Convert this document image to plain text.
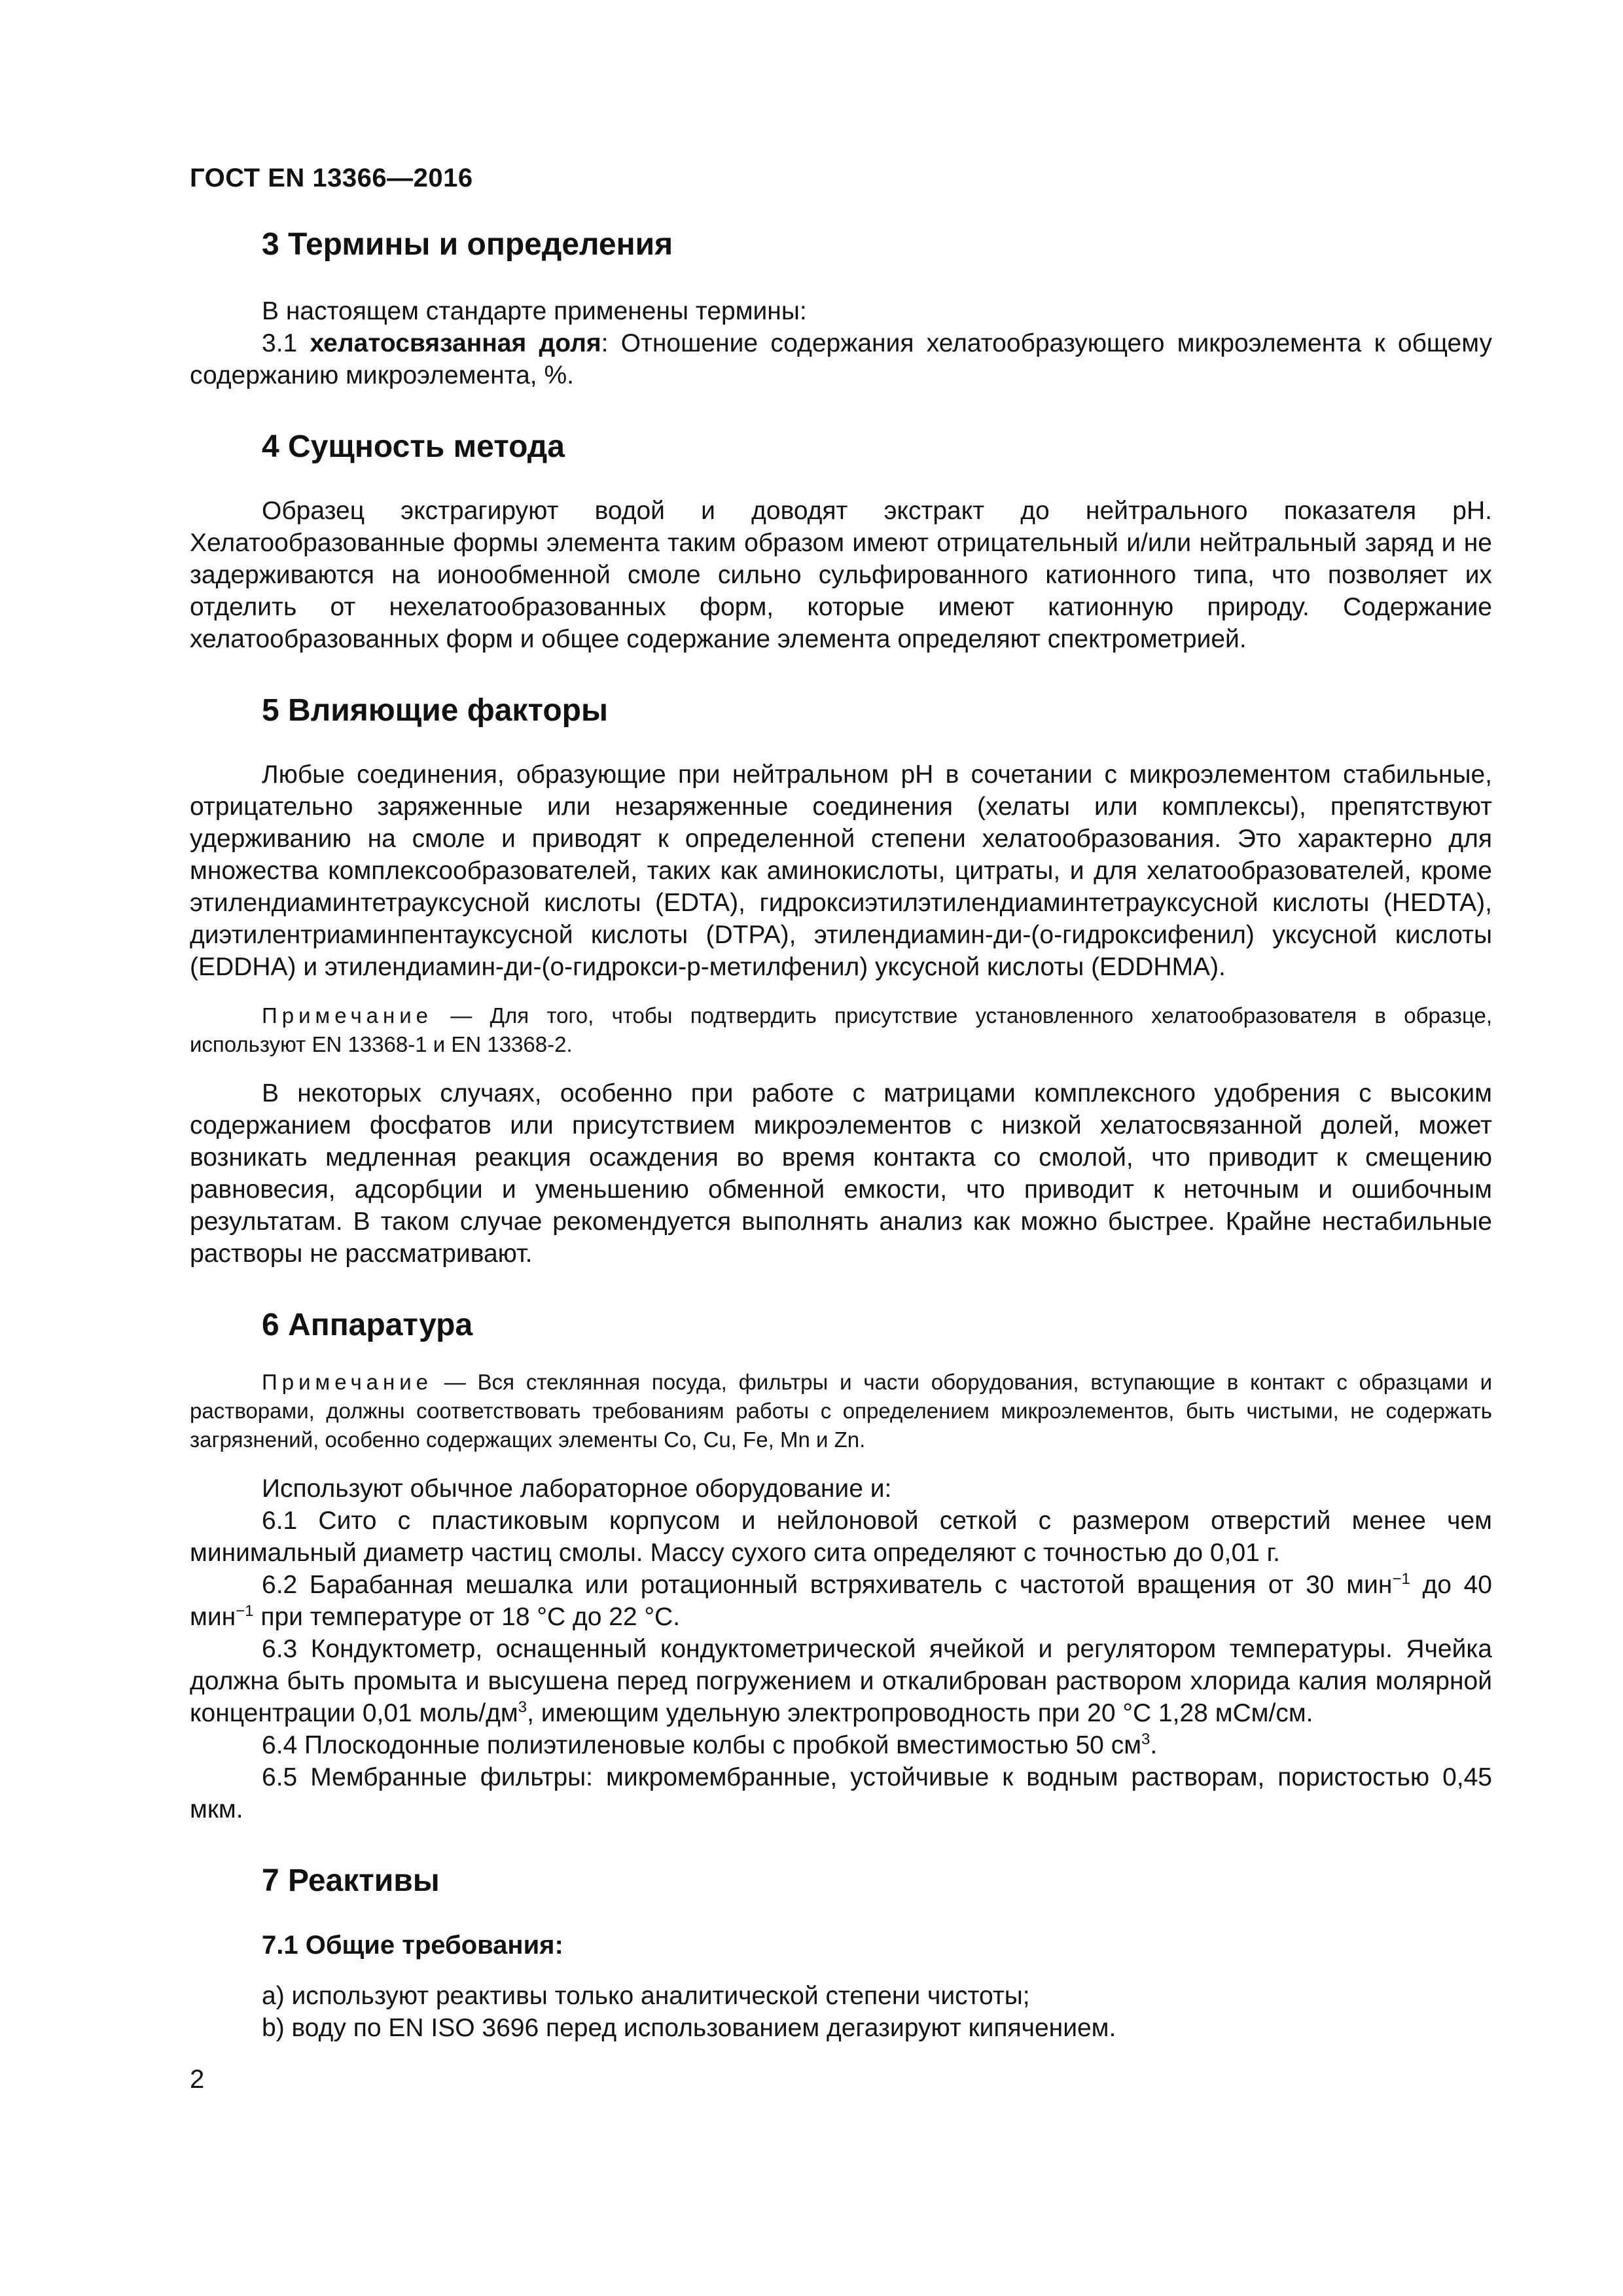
ГОСТ EN 13366—2016
3 Термины и определения

В настоящем стандарте применены термины:

3.1 хелатосвязанная доля: Отношение содержания хелатообразующего микроэлемента к общему содержанию микроэлемента, %.

4 Сущность метода

Образец экстрагируют водой и доводят экстракт до нейтрального показателя pH. Хелатообразованные формы элемента таким образом имеют отрицательный и/или нейтральный заряд и не задерживаются на ионообменной смоле сильно сульфированного катионного типа, что позволяет их отделить от нехелатообразованных форм, которые имеют катионную природу. Содержание хелатообразованных форм и общее содержание элемента определяют спектрометрией.

5 Влияющие факторы

Любые соединения, образующие при нейтральном pH в сочетании с микроэлементом стабильные, отрицательно заряженные или незаряженные соединения (хелаты или комплексы), препятствуют удерживанию на смоле и приводят к определенной степени хелатообразования. Это характерно для множества комплексообразователей, таких как аминокислоты, цитраты, и для хелатообразователей, кроме этилендиаминтетрауксусной кислоты (EDTA), гидроксиэтилэтилендиаминтетрауксусной кислоты (HEDTA), диэтилентриаминпентауксусной кислоты (DTPA), этилендиамин-ди-(о-гидроксифенил) уксусной кислоты (EDDHA) и этилендиамин-ди-(о-гидрокси-р-метилфенил) уксусной кислоты (EDDHMA).

Примечание — Для того, чтобы подтвердить присутствие установленного хелатообразователя в образце, используют EN 13368-1 и EN 13368-2.

В некоторых случаях, особенно при работе с матрицами комплексного удобрения с высоким содержанием фосфатов или присутствием микроэлементов с низкой хелатосвязанной долей, может возникать медленная реакция осаждения во время контакта со смолой, что приводит к смещению равновесия, адсорбции и уменьшению обменной емкости, что приводит к неточным и ошибочным результатам. В таком случае рекомендуется выполнять анализ как можно быстрее. Крайне нестабильные растворы не рассматривают.

6 Аппаратура

Примечание — Вся стеклянная посуда, фильтры и части оборудования, вступающие в контакт с образцами и растворами, должны соответствовать требованиям работы с определением микроэлементов, быть чистыми, не содержать загрязнений, особенно содержащих элементы Co, Cu, Fe, Mn и Zn.

Используют обычное лабораторное оборудование и:

6.1 Сито с пластиковым корпусом и нейлоновой сеткой с размером отверстий менее чем минимальный диаметр частиц смолы. Массу сухого сита определяют с точностью до 0,01 г.

6.2 Барабанная мешалка или ротационный встряхиватель с частотой вращения от 30 мин$^{-1}$ до 40 мин$^{-1}$ при температуре от 18 °C до 22 °C.

6.3 Кондуктометр, оснащенный кондуктометрической ячейкой и регулятором температуры. Ячейка должна быть промыта и высушена перед погружением и откалиброван раствором хлорида калия молярной концентрации 0,01 моль/$дм^3$, имеющим удельную электропроводность при 20 °C 1,28 мСм/см.

6.4 Плоскодонные полиэтиленовые колбы с пробкой вместимостью 50 $см^3$.

6.5 Мембранные фильтры: микромембранные, устойчивые к водным растворам, пористостью 0,45 мкм.

7 Реактивы
7.1 Общие требования:

a) используют реактивы только аналитической степени чистоты;

b) воду по EN ISO 3696 перед использованием дегазируют кипячением.

2
